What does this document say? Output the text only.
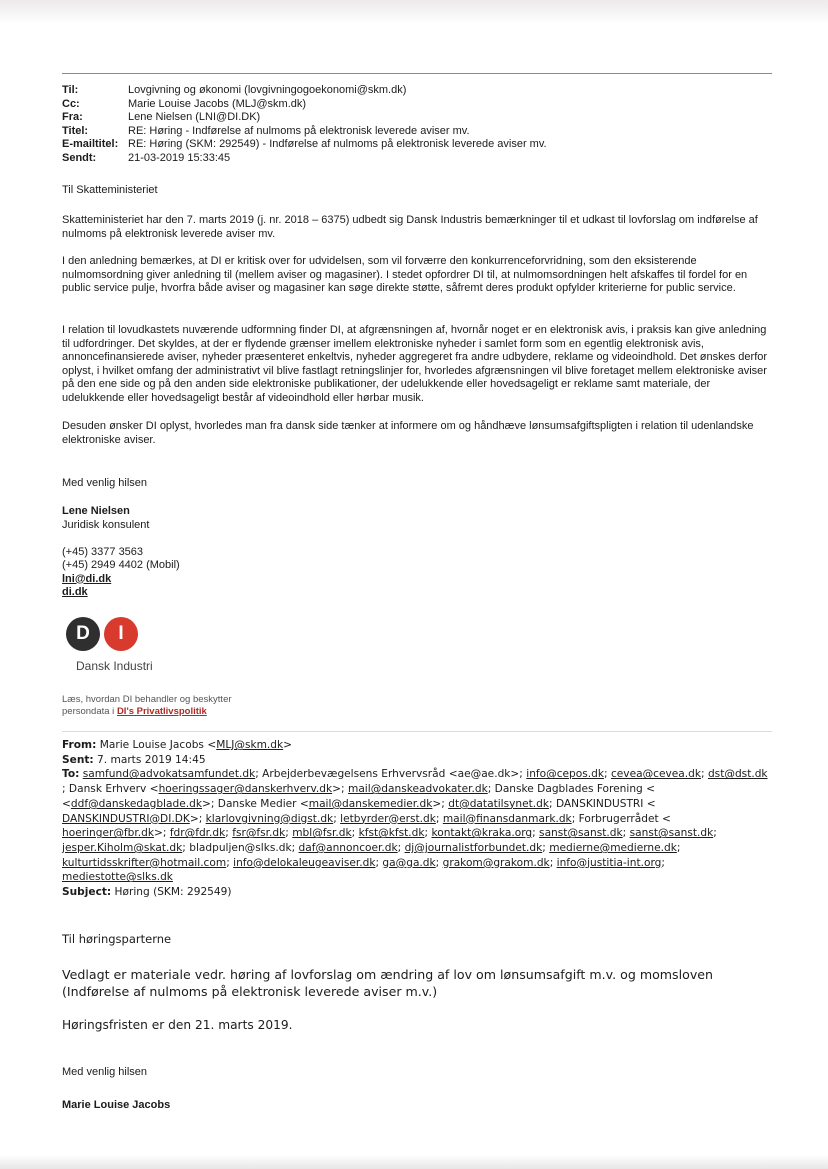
Til:	Lovgivning og økonomi (lovgivningogoekonomi@skm.dk)
Cc:	Marie Louise Jacobs (MLJ@skm.dk)
Fra:	Lene Nielsen (LNI@DI.DK)
Titel:	RE: Høring - Indførelse af nulmoms på elektronisk leverede aviser mv.
E-mailtitel:	RE: Høring (SKM: 292549) - Indførelse af nulmoms på elektronisk leverede aviser mv.
Sendt:	21-03-2019 15:33:45

Til Skatteministeriet

Skatteministeriet har den 7. marts 2019 (j. nr. 2018 – 6375) udbedt sig Dansk Industris bemærkninger til et udkast til lovforslag om indførelse af nulmoms på elektronisk leverede aviser mv.

I den anledning bemærkes, at DI er kritisk over for udvidelsen, som vil forværre den konkurrenceforvridning, som den eksisterende nulmomsordning giver anledning til (mellem aviser og magasiner). I stedet opfordrer DI til, at nulmomsordningen helt afskaffes til fordel for en public service pulje, hvorfra både aviser og magasiner kan søge direkte støtte, såfremt deres produkt opfylder kriterierne for public service.

I relation til lovudkastets nuværende udformning finder DI, at afgrænsningen af, hvornår noget er en elektronisk avis, i praksis kan give anledning til udfordringer. Det skyldes, at der er flydende grænser imellem elektroniske nyheder i samlet form som en egentlig elektronisk avis, annoncefinansierede aviser, nyheder præsenteret enkeltvis, nyheder aggregeret fra andre udbydere, reklame og videoindhold. Det ønskes derfor oplyst, i hvilket omfang der administrativt vil blive fastlagt retningslinjer for, hvorledes afgrænsningen vil blive foretaget mellem elektroniske aviser på den ene side og på den anden side elektroniske publikationer, der udelukkende eller hovedsageligt er reklame samt materiale, der udelukkende eller hovedsageligt består af videoindhold eller hørbar musik.

Desuden ønsker DI oplyst, hvorledes man fra dansk side tænker at informere om og håndhæve lønsumsafgiftspligten i relation til udenlandske elektroniske aviser.

Med venlig hilsen

Lene Nielsen

Juridisk konsulent

(+45) 3377 3563

(+45) 2949 4402 (Mobil)

lni@di.dk

di.dk

D	I
Dansk Industri
Læs, hvordan DI behandler og beskytter
persondata i DI's Privatlivspolitik

From: Marie Louise Jacobs <MLJ@skm.dk>

Sent: 7. marts 2019 14:45

To: samfund@advokatsamfundet.dk; Arbejderbevægelsens Erhvervsråd <ae@ae.dk>; info@cepos.dk; cevea@cevea.dk; dst@dst.dk
; Dansk Erhverv <hoeringssager@danskerhverv.dk>; mail@danskeadvokater.dk; Danske Dagblades Forening <
<ddf@danskedagblade.dk>; Danske Medier <mail@danskemedier.dk>; dt@datatilsynet.dk; DANSKINDUSTRI <
DANSKINDUSTRI@DI.DK>; klarlovgivning@digst.dk; letbyrder@erst.dk; mail@finansdanmark.dk; Forbrugerrådet <
hoeringer@fbr.dk>; fdr@fdr.dk; fsr@fsr.dk; mbl@fsr.dk; kfst@kfst.dk; kontakt@kraka.org; sanst@sanst.dk; sanst@sanst.dk;
jesper.Kiholm@skat.dk; bladpuljen@slks.dk; daf@annoncoer.dk; dj@journalistforbundet.dk; medierne@medierne.dk;
kulturtidsskrifter@hotmail.com; info@delokaleugeaviser.dk; ga@ga.dk; grakom@grakom.dk; info@justitia-int.org;
mediestotte@slks.dk

Subject: Høring (SKM: 292549)

Til høringsparterne

Vedlagt er materiale vedr. høring af lovforslag om ændring af lov om lønsumsafgift m.v. og momsloven (Indførelse af nulmoms på elektronisk leverede aviser m.v.)

Høringsfristen er den 21. marts 2019.

Med venlig hilsen

Marie Louise Jacobs
